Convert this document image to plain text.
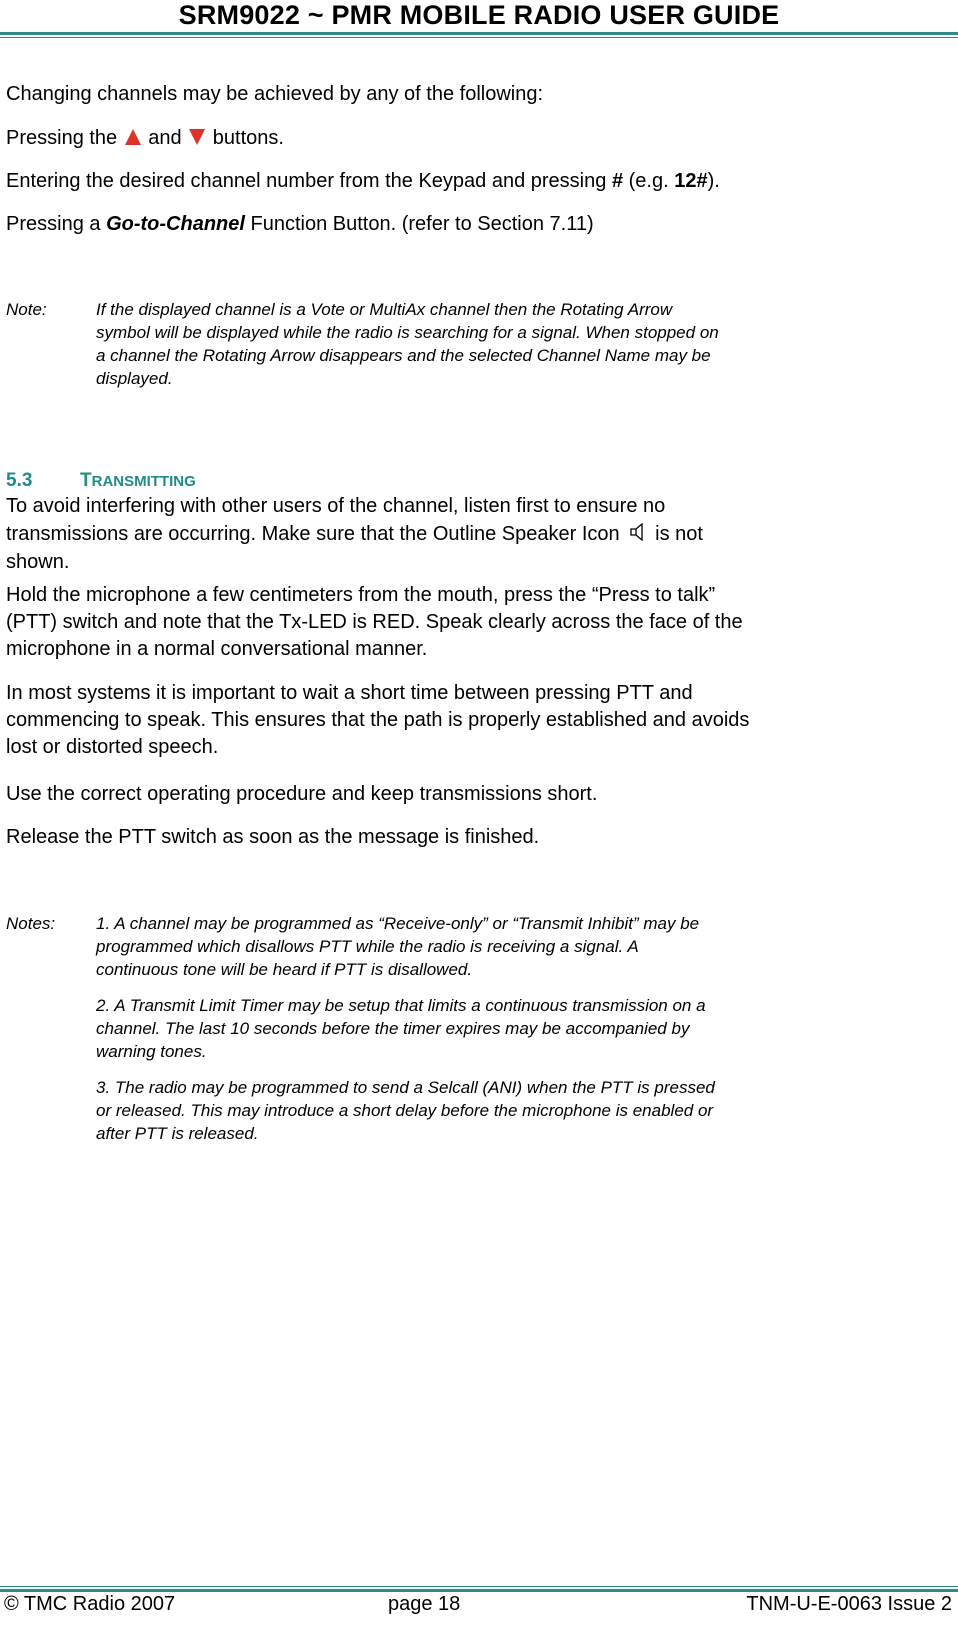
SRM9022 ~ PMR MOBILE RADIO USER GUIDE
Changing channels may be achieved by any of the following:
Pressing the  and  buttons.
Entering the desired channel number from the Keypad and pressing # (e.g. 12#).
Pressing a Go-to-Channel Function Button. (refer to Section 7.11)
Note:	If the displayed channel is a Vote or MultiAx channel then the Rotating Arrow
symbol will be displayed while the radio is searching for a signal. When stopped on
a channel the Rotating Arrow disappears and the selected Channel Name may be
displayed.
5.3	TRANSMITTING
To avoid interfering with other users of the channel, listen first to ensure no
transmissions are occurring. Make sure that the Outline Speaker Icon is not
shown.
Hold the microphone a few centimeters from the mouth, press the “Press to talk”
(PTT) switch and note that the Tx-LED is RED. Speak clearly across the face of the
microphone in a normal conversational manner.
In most systems it is important to wait a short time between pressing PTT and
commencing to speak. This ensures that the path is properly established and avoids
lost or distorted speech.
Use the correct operating procedure and keep transmissions short.
Release the PTT switch as soon as the message is finished.
Notes: 1. A channel may be programmed as “Receive-only” or “Transmit Inhibit” may be
programmed which disallows PTT while the radio is receiving a signal. A
continuous tone will be heard if PTT is disallowed.
2. A Transmit Limit Timer may be setup that limits a continuous transmission on a
channel. The last 10 seconds before the timer expires may be accompanied by
warning tones.
3. The radio may be programmed to send a Selcall (ANI) when the PTT is pressed
or released. This may introduce a short delay before the microphone is enabled or
after PTT is released.
© TMC Radio 2007	page 18	TNM-U-E-0063 Issue 2
